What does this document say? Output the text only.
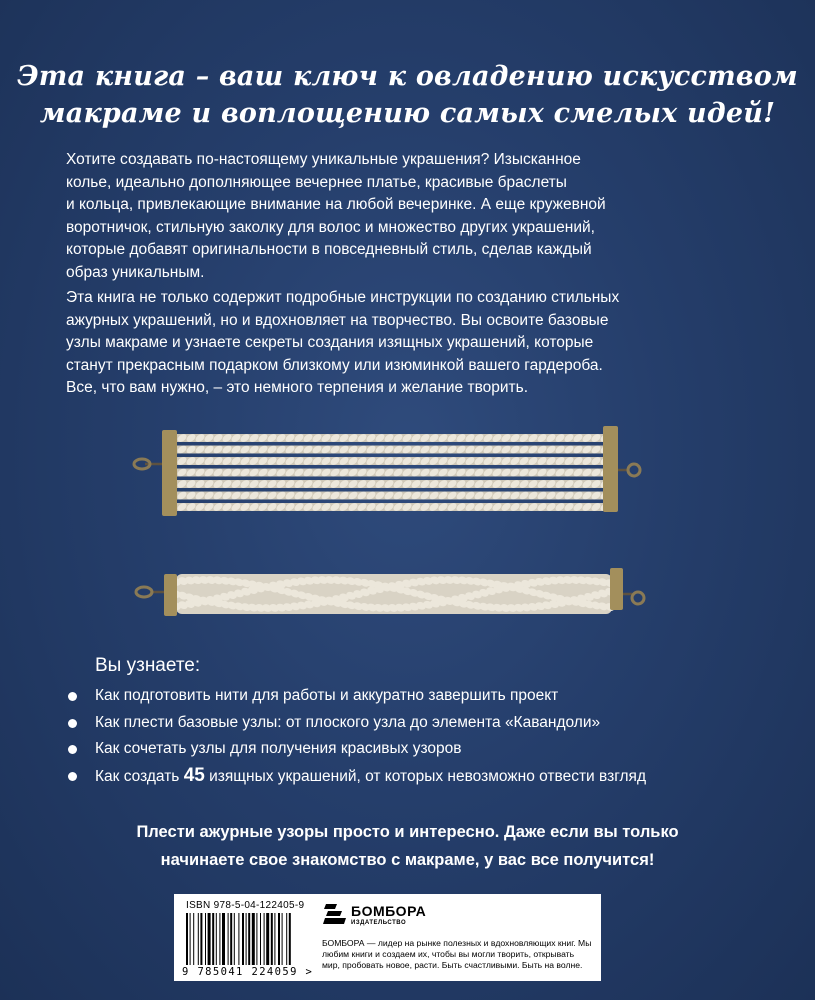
Эта книга – ваш ключ к овладению искусством
макраме и воплощению самых смелых идей!
Хотите создавать по-настоящему уникальные украшения? Изысканное
колье, идеально дополняющее вечернее платье, красивые браслеты
и кольца, привлекающие внимание на любой вечеринке. А еще кружевной
воротничок, стильную заколку для волос и множество других украшений,
которые добавят оригинальности в повседневный стиль, сделав каждый
образ уникальным.
Эта книга не только содержит подробные инструкции по созданию стильных
ажурных украшений, но и вдохновляет на творчество. Вы освоите базовые
узлы макраме и узнаете секреты создания изящных украшений, которые
станут прекрасным подарком близкому или изюминкой вашего гардероба.
Все, что вам нужно, – это немного терпения и желание творить.
Вы узнаете:
Как подготовить нити для работы и аккуратно завершить проект
Как плести базовые узлы: от плоского узла до элемента «Кавандоли»
Как сочетать узлы для получения красивых узоров
Как создать 45 изящных украшений, от которых невозможно отвести взгляд
Плести ажурные узоры просто и интересно. Даже если вы только
начинаете свое знакомство с макраме, у вас все получится!
ISBN 978-5-04-122405-9
9 785041 224059 >
БОМБОРА
ИЗДАТЕЛЬСТВО
БОМБОРА — лидер на рынке полезных и вдохновляющих книг. Мы любим книги и создаем их, чтобы вы могли творить, открывать мир, пробовать новое, расти. Быть счастливыми. Быть на волне.
